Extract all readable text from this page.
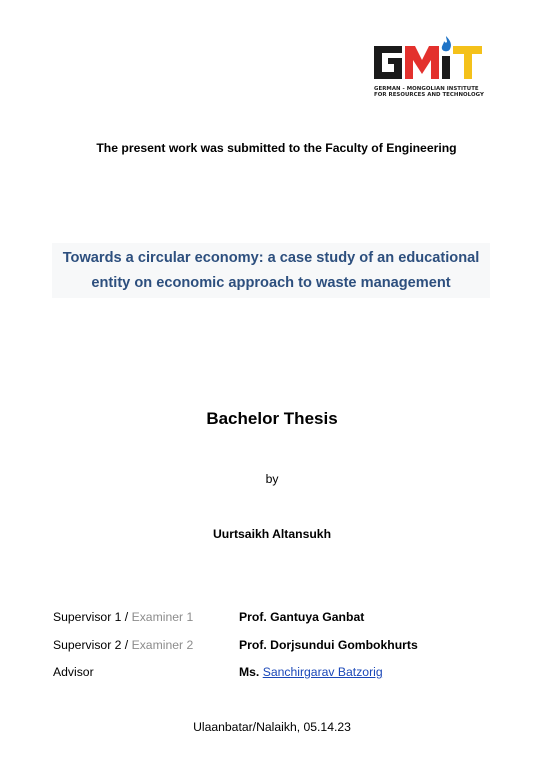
GERMAN - MONGOLIAN INSTITUTE
FOR RESOURCES AND TECHNOLOGY
The present work was submitted to the Faculty of Engineering
Towards a circular economy: a case study of an educational
entity on economic approach to waste management
Bachelor Thesis
by
Uurtsaikh Altansukh
Supervisor 1 / Examiner 1	Prof. Gantuya Ganbat
Supervisor 2 / Examiner 2	Prof. Dorjsundui Gombokhurts
Advisor	Ms. Sanchirgarav Batzorig
Ulaanbatar/Nalaikh, 05.14.23
